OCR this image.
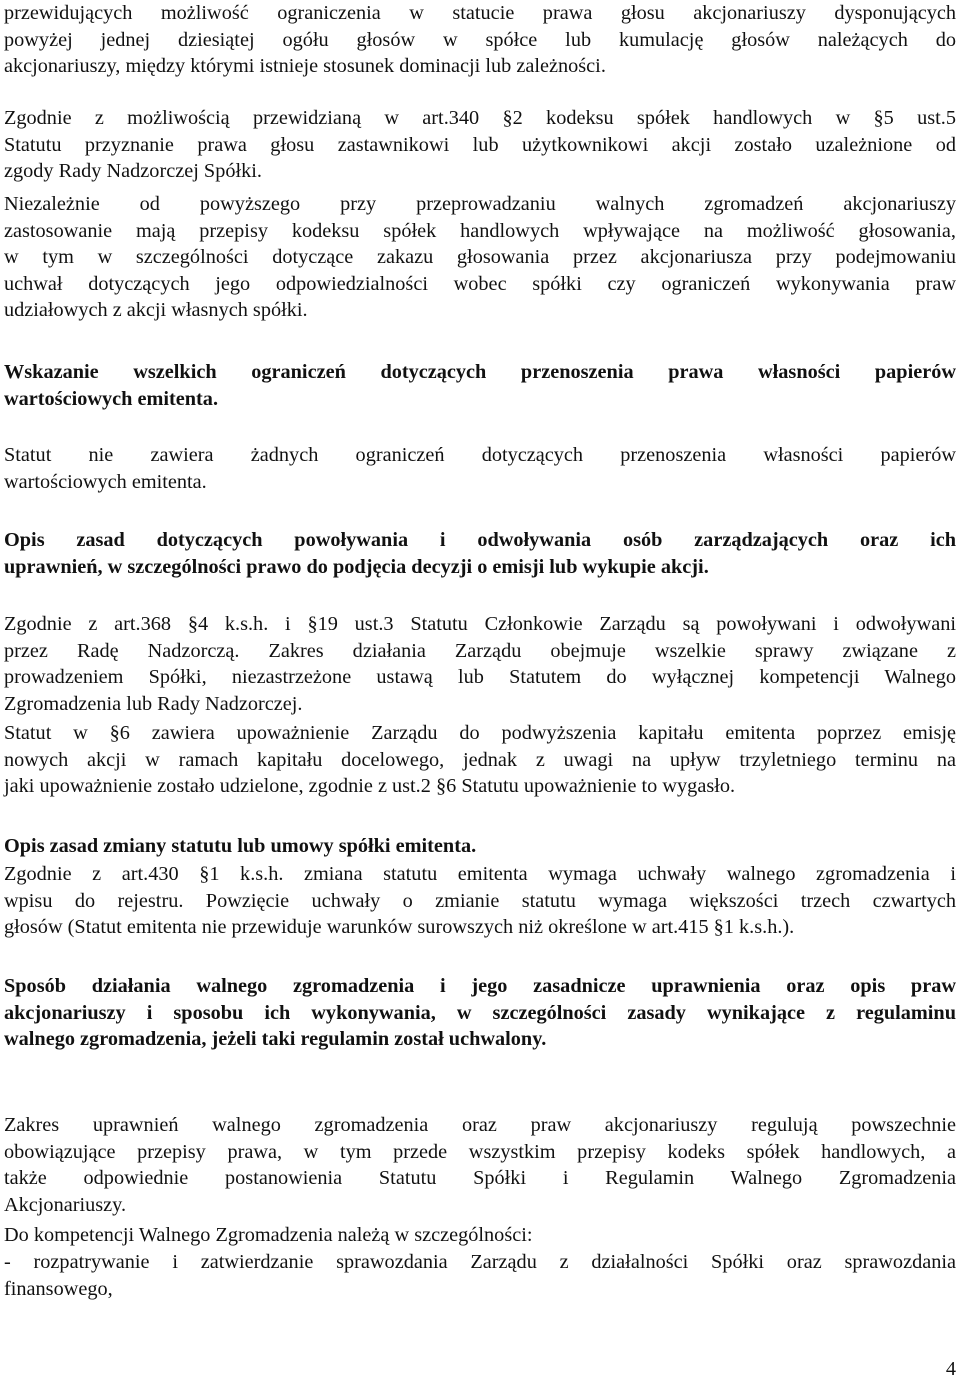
przewidujących możliwość ograniczenia w statucie prawa głosu akcjonariuszy dysponujących
powyżej jednej dziesiątej ogółu głosów w spółce lub kumulację głosów należących do
akcjonariuszy, między którymi istnieje stosunek dominacji lub zależności.

Zgodnie z możliwością przewidzianą w art.340 §2 kodeksu spółek handlowych w §5 ust.5
Statutu przyznanie prawa głosu zastawnikowi lub użytkownikowi akcji zostało uzależnione od
zgody Rady Nadzorczej Spółki.

Niezależnie od powyższego przy przeprowadzaniu walnych zgromadzeń akcjonariuszy
zastosowanie mają przepisy kodeksu spółek handlowych wpływające na możliwość głosowania,
w tym w szczególności dotyczące zakazu głosowania przez akcjonariusza przy podejmowaniu
uchwał dotyczących jego odpowiedzialności wobec spółki czy ograniczeń wykonywania praw
udziałowych z akcji własnych spółki.

Wskazanie wszelkich ograniczeń dotyczących przenoszenia prawa własności papierów
wartościowych emitenta.

Statut nie zawiera żadnych ograniczeń dotyczących przenoszenia własności papierów
wartościowych emitenta.

Opis zasad dotyczących powoływania i odwoływania osób zarządzających oraz ich
uprawnień, w szczególności prawo do podjęcia decyzji o emisji lub wykupie akcji.

Zgodnie z art.368 §4 k.s.h. i §19 ust.3 Statutu Członkowie Zarządu są powoływani i odwoływani
przez Radę Nadzorczą. Zakres działania Zarządu obejmuje wszelkie sprawy związane z
prowadzeniem Spółki, niezastrzeżone ustawą lub Statutem do wyłącznej kompetencji Walnego
Zgromadzenia lub Rady Nadzorczej.

Statut w §6 zawiera upoważnienie Zarządu do podwyższenia kapitału emitenta poprzez emisję
nowych akcji w ramach kapitału docelowego, jednak z uwagi na upływ trzyletniego terminu na
jaki upoważnienie zostało udzielone, zgodnie z ust.2 §6 Statutu upoważnienie to wygasło.

Opis zasad zmiany statutu lub umowy spółki emitenta.

Zgodnie z art.430 §1 k.s.h. zmiana statutu emitenta wymaga uchwały walnego zgromadzenia i
wpisu do rejestru. Powzięcie uchwały o zmianie statutu wymaga większości trzech czwartych
głosów (Statut emitenta nie przewiduje warunków surowszych niż określone w art.415 §1 k.s.h.).

Sposób działania walnego zgromadzenia i jego zasadnicze uprawnienia oraz opis praw
akcjonariuszy i sposobu ich wykonywania, w szczególności zasady wynikające z regulaminu
walnego zgromadzenia, jeżeli taki regulamin został uchwalony.

Zakres uprawnień walnego zgromadzenia oraz praw akcjonariuszy regulują powszechnie
obowiązujące przepisy prawa, w tym przede wszystkim przepisy kodeks spółek handlowych, a
także odpowiednie postanowienia Statutu Spółki i Regulamin Walnego Zgromadzenia
Akcjonariuszy.

Do kompetencji Walnego Zgromadzenia należą w szczególności:

- rozpatrywanie i zatwierdzanie sprawozdania Zarządu z działalności Spółki oraz sprawozdania
finansowego,

4
